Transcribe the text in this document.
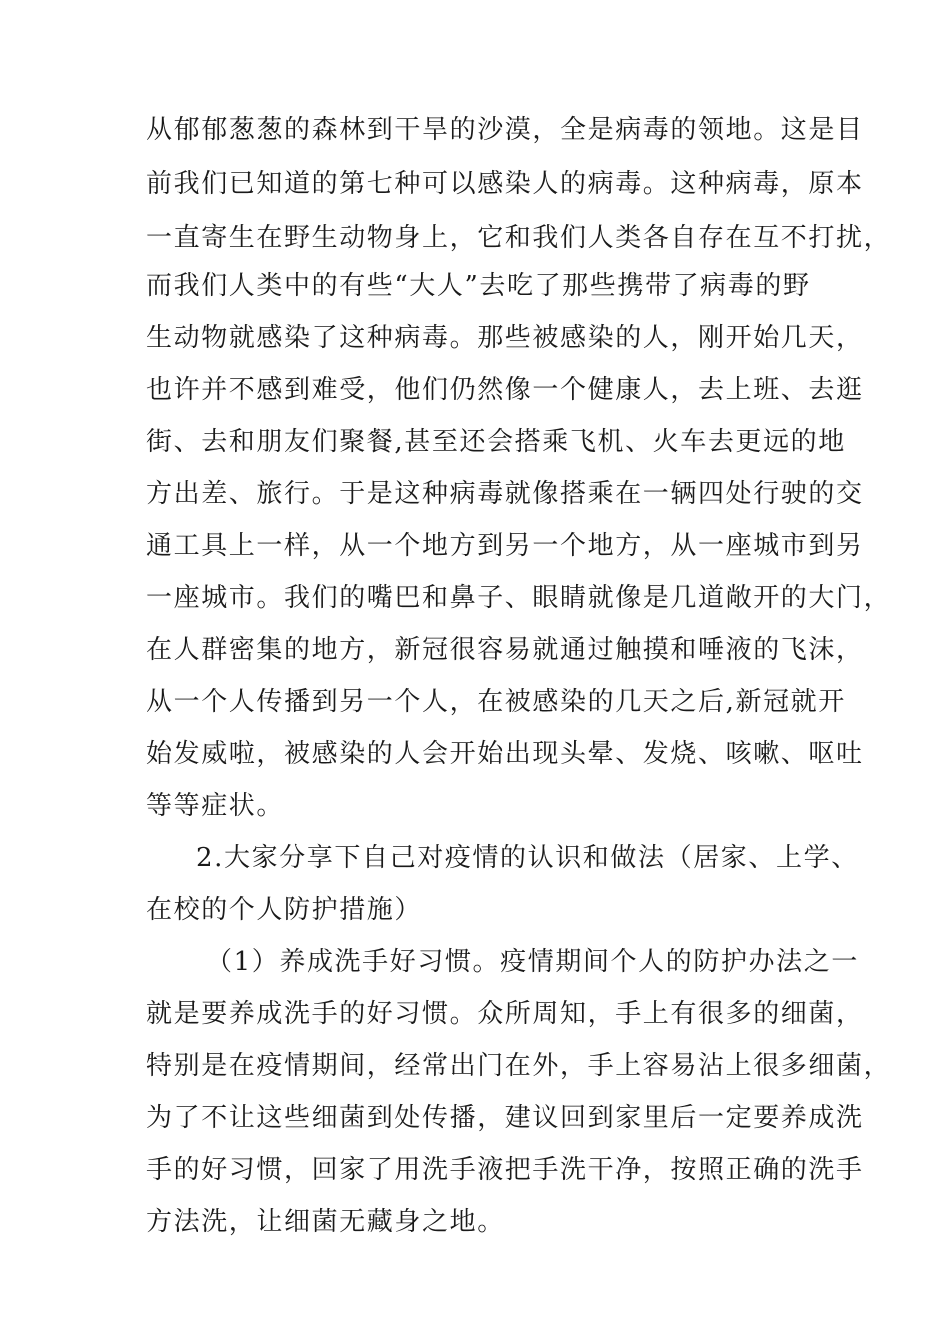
从郁郁葱葱的森林到干旱的沙漠，全是病毒的领地。这是目
前我们已知道的第七种可以感染人的病毒。这种病毒，原本
一直寄生在野生动物身上，它和我们人类各自存在互不打扰，
而我们人类中的有些“大人”去吃了那些携带了病毒的野
生动物就感染了这种病毒。那些被感染的人，刚开始几天，
也许并不感到难受，他们仍然像一个健康人，去上班、去逛
街、去和朋友们聚餐,甚至还会搭乘飞机、火车去更远的地
方出差、旅行。于是这种病毒就像搭乘在一辆四处行驶的交
通工具上一样，从一个地方到另一个地方，从一座城市到另
一座城市。我们的嘴巴和鼻子、眼睛就像是几道敞开的大门，
在人群密集的地方，新冠很容易就通过触摸和唾液的飞沫，
从一个人传播到另一个人，在被感染的几天之后,新冠就开
始发威啦，被感染的人会开始出现头晕、发烧、咳嗽、呕吐
等等症状。
2.大家分享下自己对疫情的认识和做法（居家、上学、
在校的个人防护措施）
（1）养成洗手好习惯。疫情期间个人的防护办法之一
就是要养成洗手的好习惯。众所周知，手上有很多的细菌，
特别是在疫情期间，经常出门在外，手上容易沾上很多细菌，
为了不让这些细菌到处传播，建议回到家里后一定要养成洗
手的好习惯，回家了用洗手液把手洗干净，按照正确的洗手
方法洗，让细菌无藏身之地。
